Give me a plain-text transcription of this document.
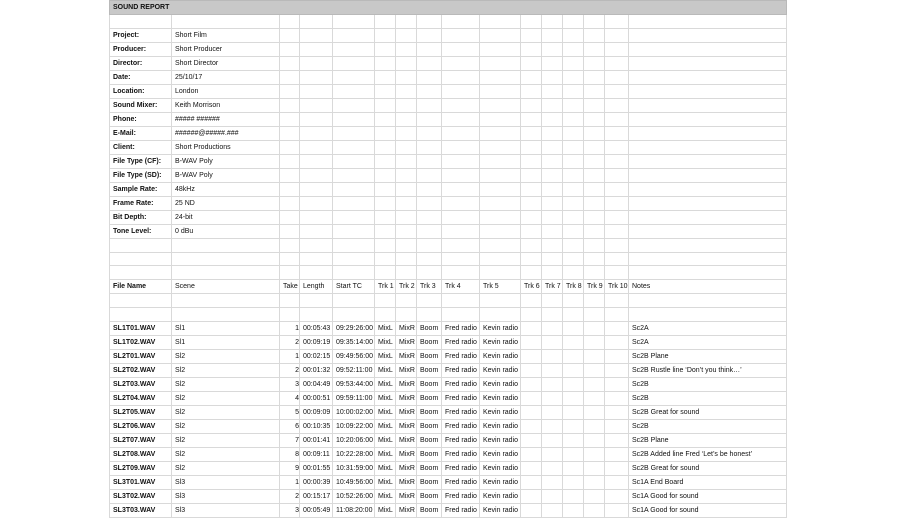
SOUND REPORT															

Project:	Short Film														
Producer:	Short Producer														
Director:	Short Director														
Date:	25/10/17														
Location:	London														
Sound Mixer:	Keith Morrison														
Phone:	##### ######														
E-Mail:	######@#####.###														
Client:	Short Productions														
File Type (CF):	B-WAV Poly														
File Type (SD):	B-WAV Poly														
Sample Rate:	48kHz														
Frame Rate:	25 ND														
Bit Depth:	24-bit														
Tone Level:	0 dBu														

File Name	Scene	Take	Length	Start TC	Trk 1	Trk 2	Trk 3	Trk 4	Trk 5	Trk 6	Trk 7	Trk 8	Trk 9	Trk 10	Notes

SL1T01.WAV	Sl1	1	00:05:43	09:29:26:00	MixL	MixR	Boom	Fred radio	Kevin radio						Sc2A
SL1T02.WAV	Sl1	2	00:09:19	09:35:14:00	MixL	MixR	Boom	Fred radio	Kevin radio						Sc2A
SL2T01.WAV	Sl2	1	00:02:15	09:49:56:00	MixL	MixR	Boom	Fred radio	Kevin radio						Sc2B Plane
SL2T02.WAV	Sl2	2	00:01:32	09:52:11:00	MixL	MixR	Boom	Fred radio	Kevin radio						Sc2B Rustle line ‘Don’t you think…’
SL2T03.WAV	Sl2	3	00:04:49	09:53:44:00	MixL	MixR	Boom	Fred radio	Kevin radio						Sc2B
SL2T04.WAV	Sl2	4	00:00:51	09:59:11:00	MixL	MixR	Boom	Fred radio	Kevin radio						Sc2B
SL2T05.WAV	Sl2	5	00:09:09	10:00:02:00	MixL	MixR	Boom	Fred radio	Kevin radio						Sc2B Great for sound
SL2T06.WAV	Sl2	6	00:10:35	10:09:22:00	MixL	MixR	Boom	Fred radio	Kevin radio						Sc2B
SL2T07.WAV	Sl2	7	00:01:41	10:20:06:00	MixL	MixR	Boom	Fred radio	Kevin radio						Sc2B Plane
SL2T08.WAV	Sl2	8	00:09:11	10:22:28:00	MixL	MixR	Boom	Fred radio	Kevin radio						Sc2B Added line Fred ‘Let’s be honest’
SL2T09.WAV	Sl2	9	00:01:55	10:31:59:00	MixL	MixR	Boom	Fred radio	Kevin radio						Sc2B Great for sound
SL3T01.WAV	Sl3	1	00:00:39	10:49:56:00	MixL	MixR	Boom	Fred radio	Kevin radio						Sc1A End Board
SL3T02.WAV	Sl3	2	00:15:17	10:52:26:00	MixL	MixR	Boom	Fred radio	Kevin radio						Sc1A Good for sound
SL3T03.WAV	Sl3	3	00:05:49	11:08:20:00	MixL	MixR	Boom	Fred radio	Kevin radio						Sc1A Good for sound
